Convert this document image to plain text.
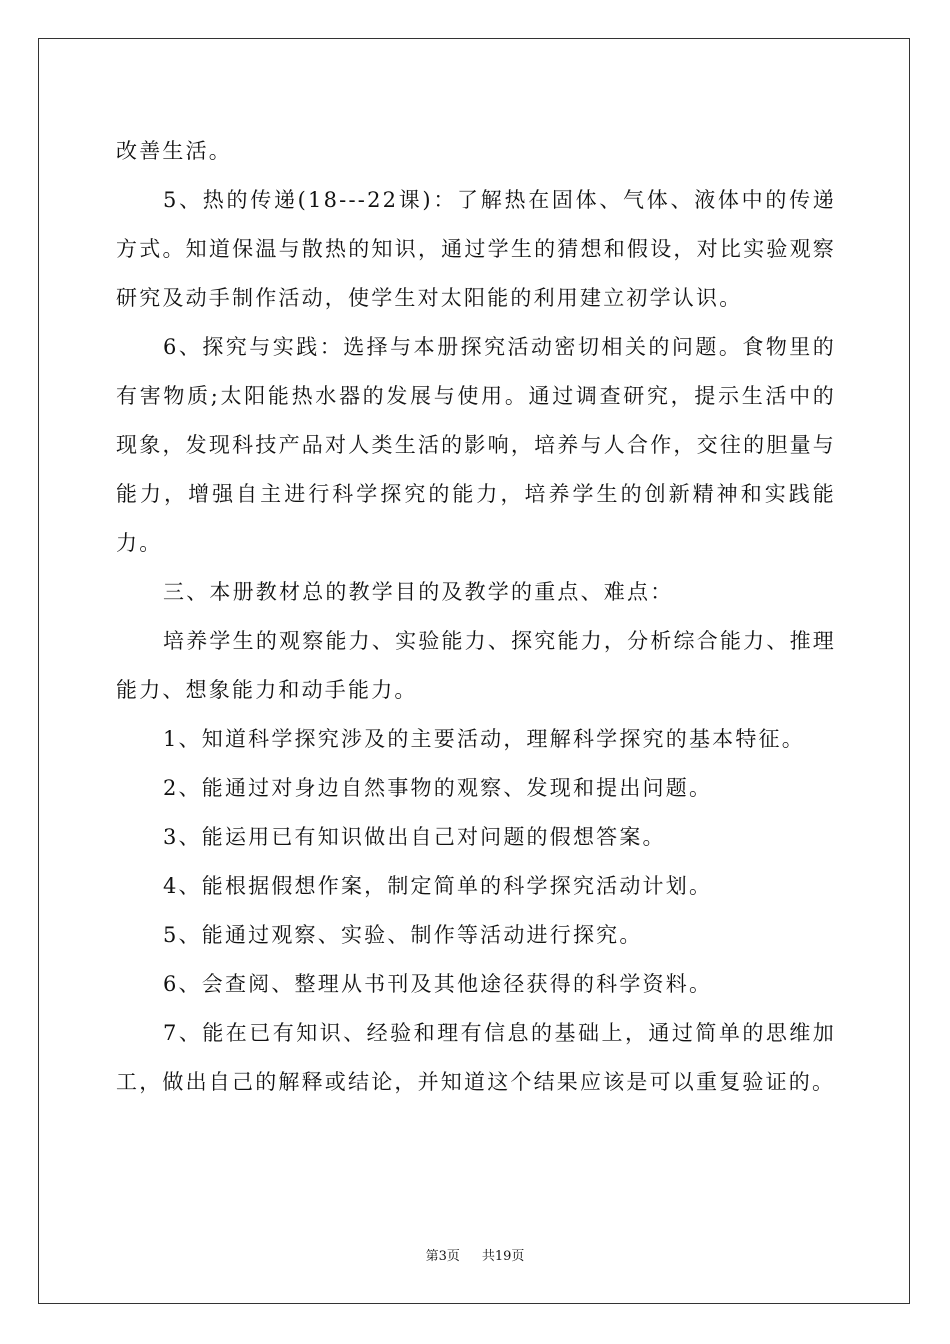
改善生活。

5、热的传递(18---22课)：了解热在固体、气体、液体中的传递方式。知道保温与散热的知识，通过学生的猜想和假设，对比实验观察研究及动手制作活动，使学生对太阳能的利用建立初学认识。

6、探究与实践：选择与本册探究活动密切相关的问题。食物里的有害物质;太阳能热水器的发展与使用。通过调查研究，提示生活中的现象，发现科技产品对人类生活的影响，培养与人合作，交往的胆量与能力，增强自主进行科学探究的能力，培养学生的创新精神和实践能力。

三、本册教材总的教学目的及教学的重点、难点：

培养学生的观察能力、实验能力、探究能力，分析综合能力、推理能力、想象能力和动手能力。

1、知道科学探究涉及的主要活动，理解科学探究的基本特征。

2、能通过对身边自然事物的观察、发现和提出问题。

3、能运用已有知识做出自己对问题的假想答案。

4、能根据假想作案，制定简单的科学探究活动计划。

5、能通过观察、实验、制作等活动进行探究。

6、会查阅、整理从书刊及其他途径获得的科学资料。

7、能在已有知识、经验和理有信息的基础上，通过简单的思维加工，做出自己的解释或结论，并知道这个结果应该是可以重复验证的。

第3页 共19页
